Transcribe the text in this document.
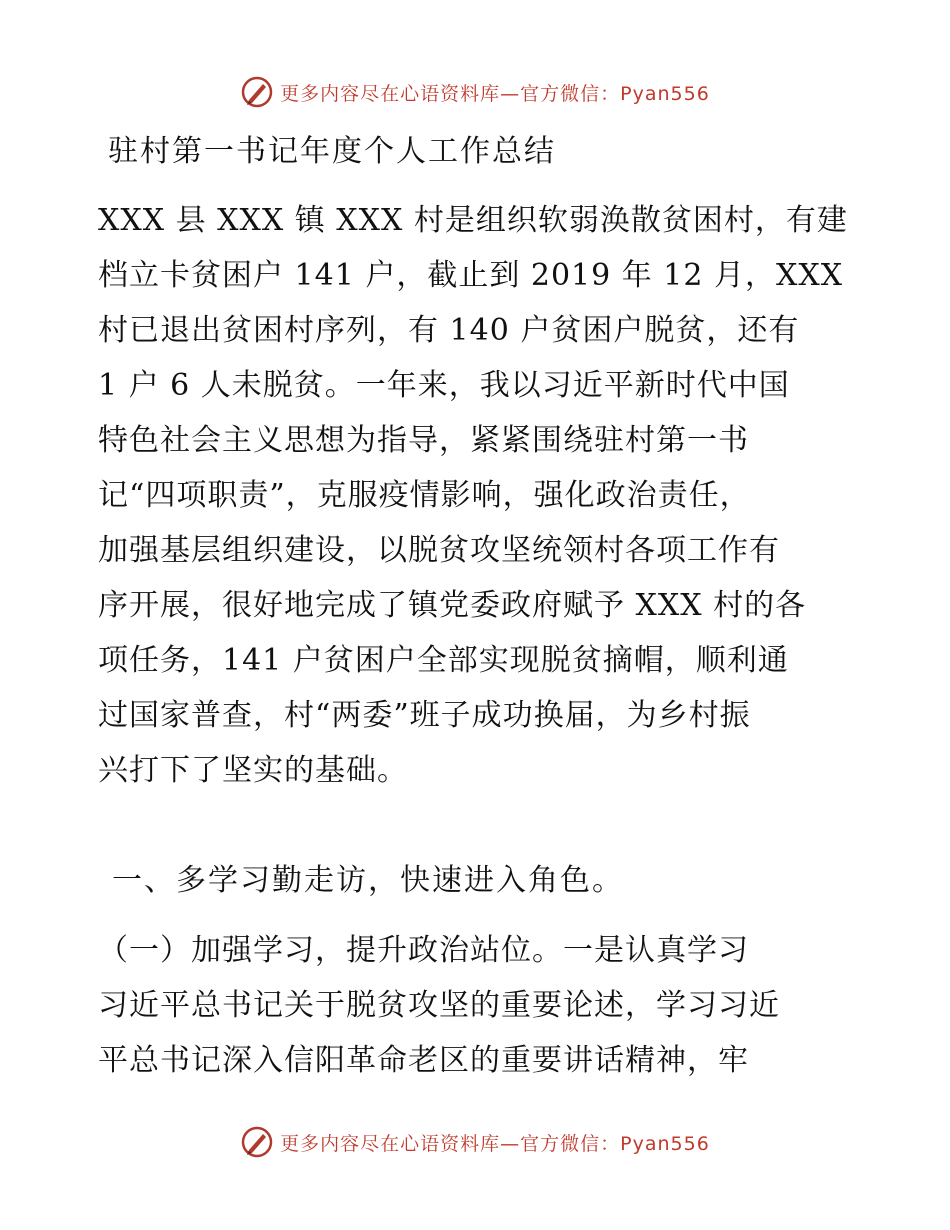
更多内容尽在心语资料库—官方微信：Pyan556
驻村第一书记年度个人工作总结
XXX 县 XXX 镇 XXX 村是组织软弱涣散贫困村，有建
档立卡贫困户 141 户，截止到 2019 年 12 月，XXX
村已退出贫困村序列，有 140 户贫困户脱贫，还有
1 户 6 人未脱贫。一年来，我以习近平新时代中国
特色社会主义思想为指导，紧紧围绕驻村第一书
记“四项职责”，克服疫情影响，强化政治责任，
加强基层组织建设，以脱贫攻坚统领村各项工作有
序开展，很好地完成了镇党委政府赋予 XXX 村的各
项任务，141 户贫困户全部实现脱贫摘帽，顺利通
过国家普查，村“两委”班子成功换届，为乡村振
兴打下了坚实的基础。
一、多学习勤走访，快速进入角色。
（一）加强学习，提升政治站位。一是认真学习
习近平总书记关于脱贫攻坚的重要论述，学习习近
平总书记深入信阳革命老区的重要讲话精神，牢
更多内容尽在心语资料库—官方微信：Pyan556
